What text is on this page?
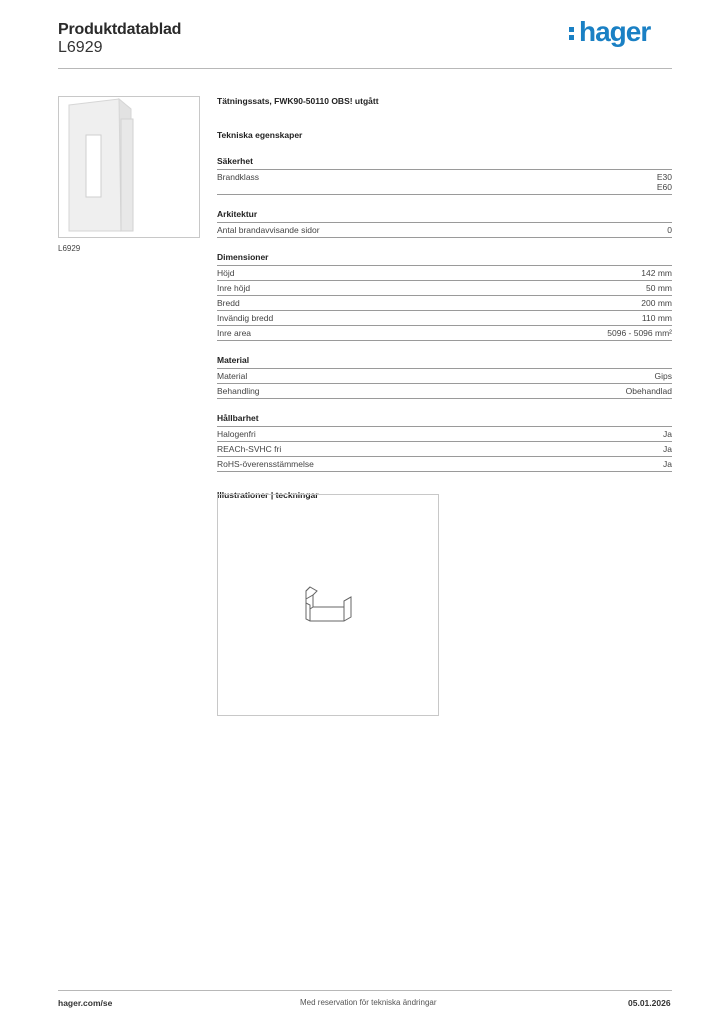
Produktdatablad
L6929
hager
L6929
Tätningssats, FWK90-50110 OBS! utgått
Tekniska egenskaper
Säkerhet
Brandklass	E30
E60
Arkitektur
Antal brandavvisande sidor	0
Dimensioner
Höjd	142 mm
Inre höjd	50 mm
Bredd	200 mm
Invändig bredd	110 mm
Inre area	5096 - 5096 mm²
Material
Material	Gips
Behandling	Obehandlad
Hållbarhet
Halogenfri	Ja
REACh-SVHC fri	Ja
RoHS-överensstämmelse	Ja
Illustrationer | teckningar
hager.com/se	Med reservation för tekniska ändringar	05.01.2026
